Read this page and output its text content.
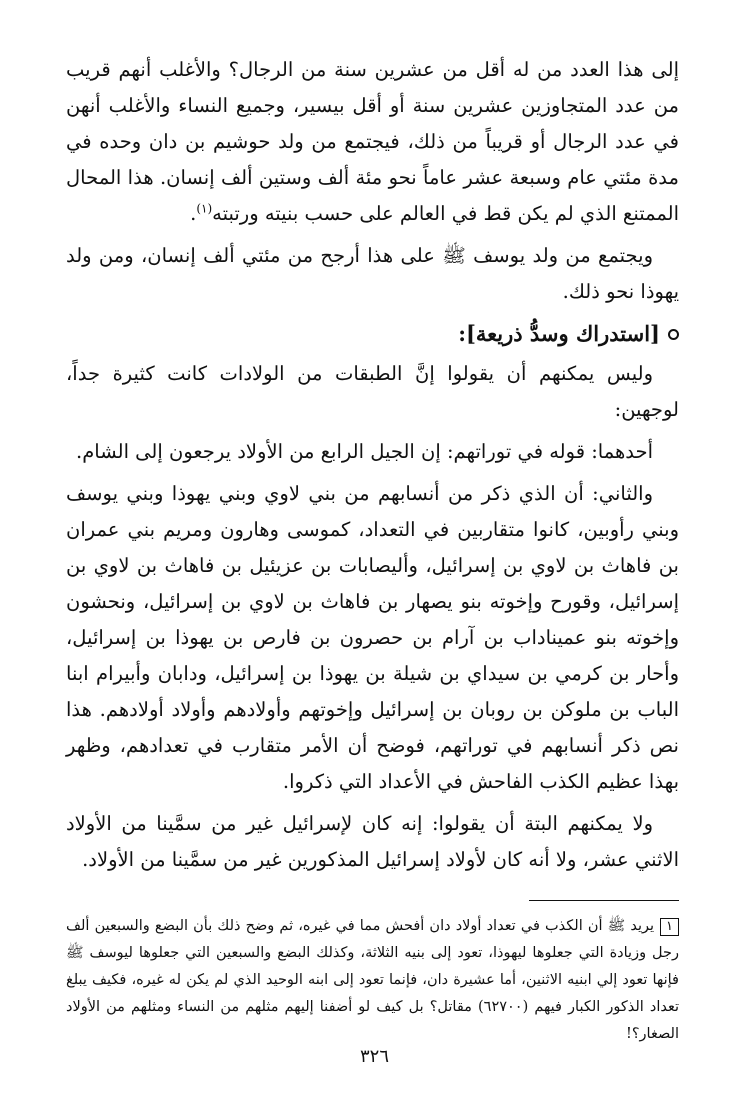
إلى هذا العدد من له أقل من عشرين سنة من الرجال؟ والأغلب أنهم قريب من عدد المتجاوزين عشرين سنة أو أقل بيسير، وجميع النساء والأغلب أنهن في عدد الرجال أو قريباً من ذلك، فيجتمع من ولد حوشيم بن دان وحده في مدة مئتي عام وسبعة عشر عاماً نحو مئة ألف وستين ألف إنسان. هذا المحال الممتنع الذي لم يكن قط في العالم على حسب بنيته ورتبته$^{(١)}$.

ويجتمع من ولد يوسف ﷺ على هذا أرجح من مئتي ألف إنسان، ومن ولد يهوذا نحو ذلك.

[استدراك وسدُّ ذريعة]:

وليس يمكنهم أن يقولوا إنَّ الطبقات من الولادات كانت كثيرة جداً، لوجهين:

أحدهما: قوله في توراتهم: إن الجيل الرابع من الأولاد يرجعون إلى الشام.

والثاني: أن الذي ذكر من أنسابهم من بني لاوي وبني يهوذا وبني يوسف وبني رأوبين، كانوا متقاربين في التعداد، كموسى وهارون ومريم بني عمران بن فاهاث بن لاوي بن إسرائيل، وأليصابات بن عزيئيل بن فاهاث بن لاوي بن إسرائيل، وقورح وإخوته بنو يصهار بن فاهاث بن لاوي بن إسرائيل، ونحشون وإخوته بنو عميناداب بن آرام بن حصرون بن فارص بن يهوذا بن إسرائيل، وأحار بن كرمي بن سيداي بن شيلة بن يهوذا بن إسرائيل، ودابان وأبيرام ابنا الباب بن ملوكن بن روبان بن إسرائيل وإخوتهم وأولادهم وأولاد أولادهم. هذا نص ذكر أنسابهم في توراتهم، فوضح أن الأمر متقارب في تعدادهم، وظهر بهذا عظيم الكذب الفاحش في الأعداد التي ذكروا.

ولا يمكنهم البتة أن يقولوا: إنه كان لإسرائيل غير من سمَّينا من الأولاد الاثني عشر، ولا أنه كان لأولاد إسرائيل المذكورين غير من سمَّينا من الأولاد.

١يريد ﷺ أن الكذب في تعداد أولاد دان أفحش مما في غيره، ثم وضح ذلك بأن البضع والسبعين ألف رجل وزيادة التي جعلوها ليهوذا، تعود إلى بنيه الثلاثة، وكذلك البضع والسبعين التي جعلوها ليوسف ﷺ فإنها تعود إلي ابنيه الاثنين، أما عشيرة دان، فإنما تعود إلى ابنه الوحيد الذي لم يكن له غيره، فكيف يبلغ تعداد الذكور الكبار فيهم (٦٢٧٠٠) مقاتل؟ بل كيف لو أضفنا إليهم مثلهم من النساء ومثلهم من الأولاد الصغار؟!

٣٢٦
